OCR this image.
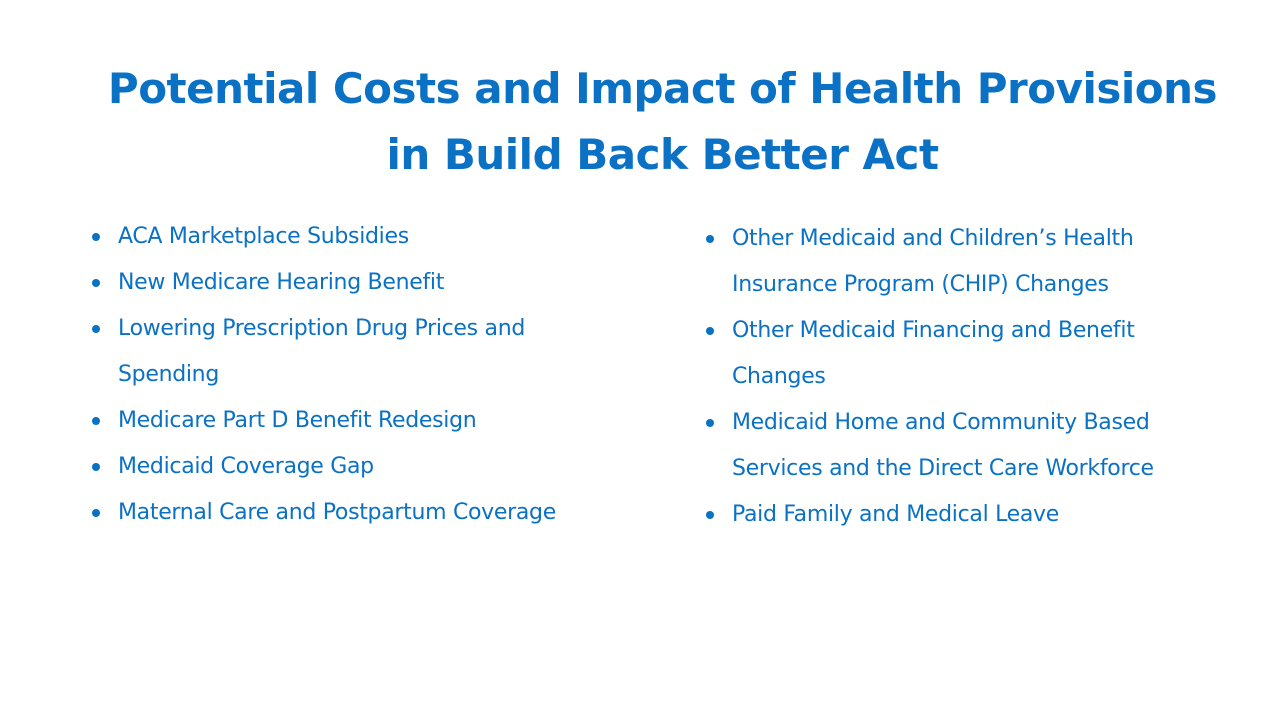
Potential Costs and Impact of Health Provisions in Build Back Better Act
ACA Marketplace Subsidies
New Medicare Hearing Benefit
Lowering Prescription Drug Prices and Spending
Medicare Part D Benefit Redesign
Medicaid Coverage Gap
Maternal Care and Postpartum Coverage
Other Medicaid and Children’s Health Insurance Program (CHIP) Changes
Other Medicaid Financing and Benefit Changes
Medicaid Home and Community Based Services and the Direct Care Workforce
Paid Family and Medical Leave
